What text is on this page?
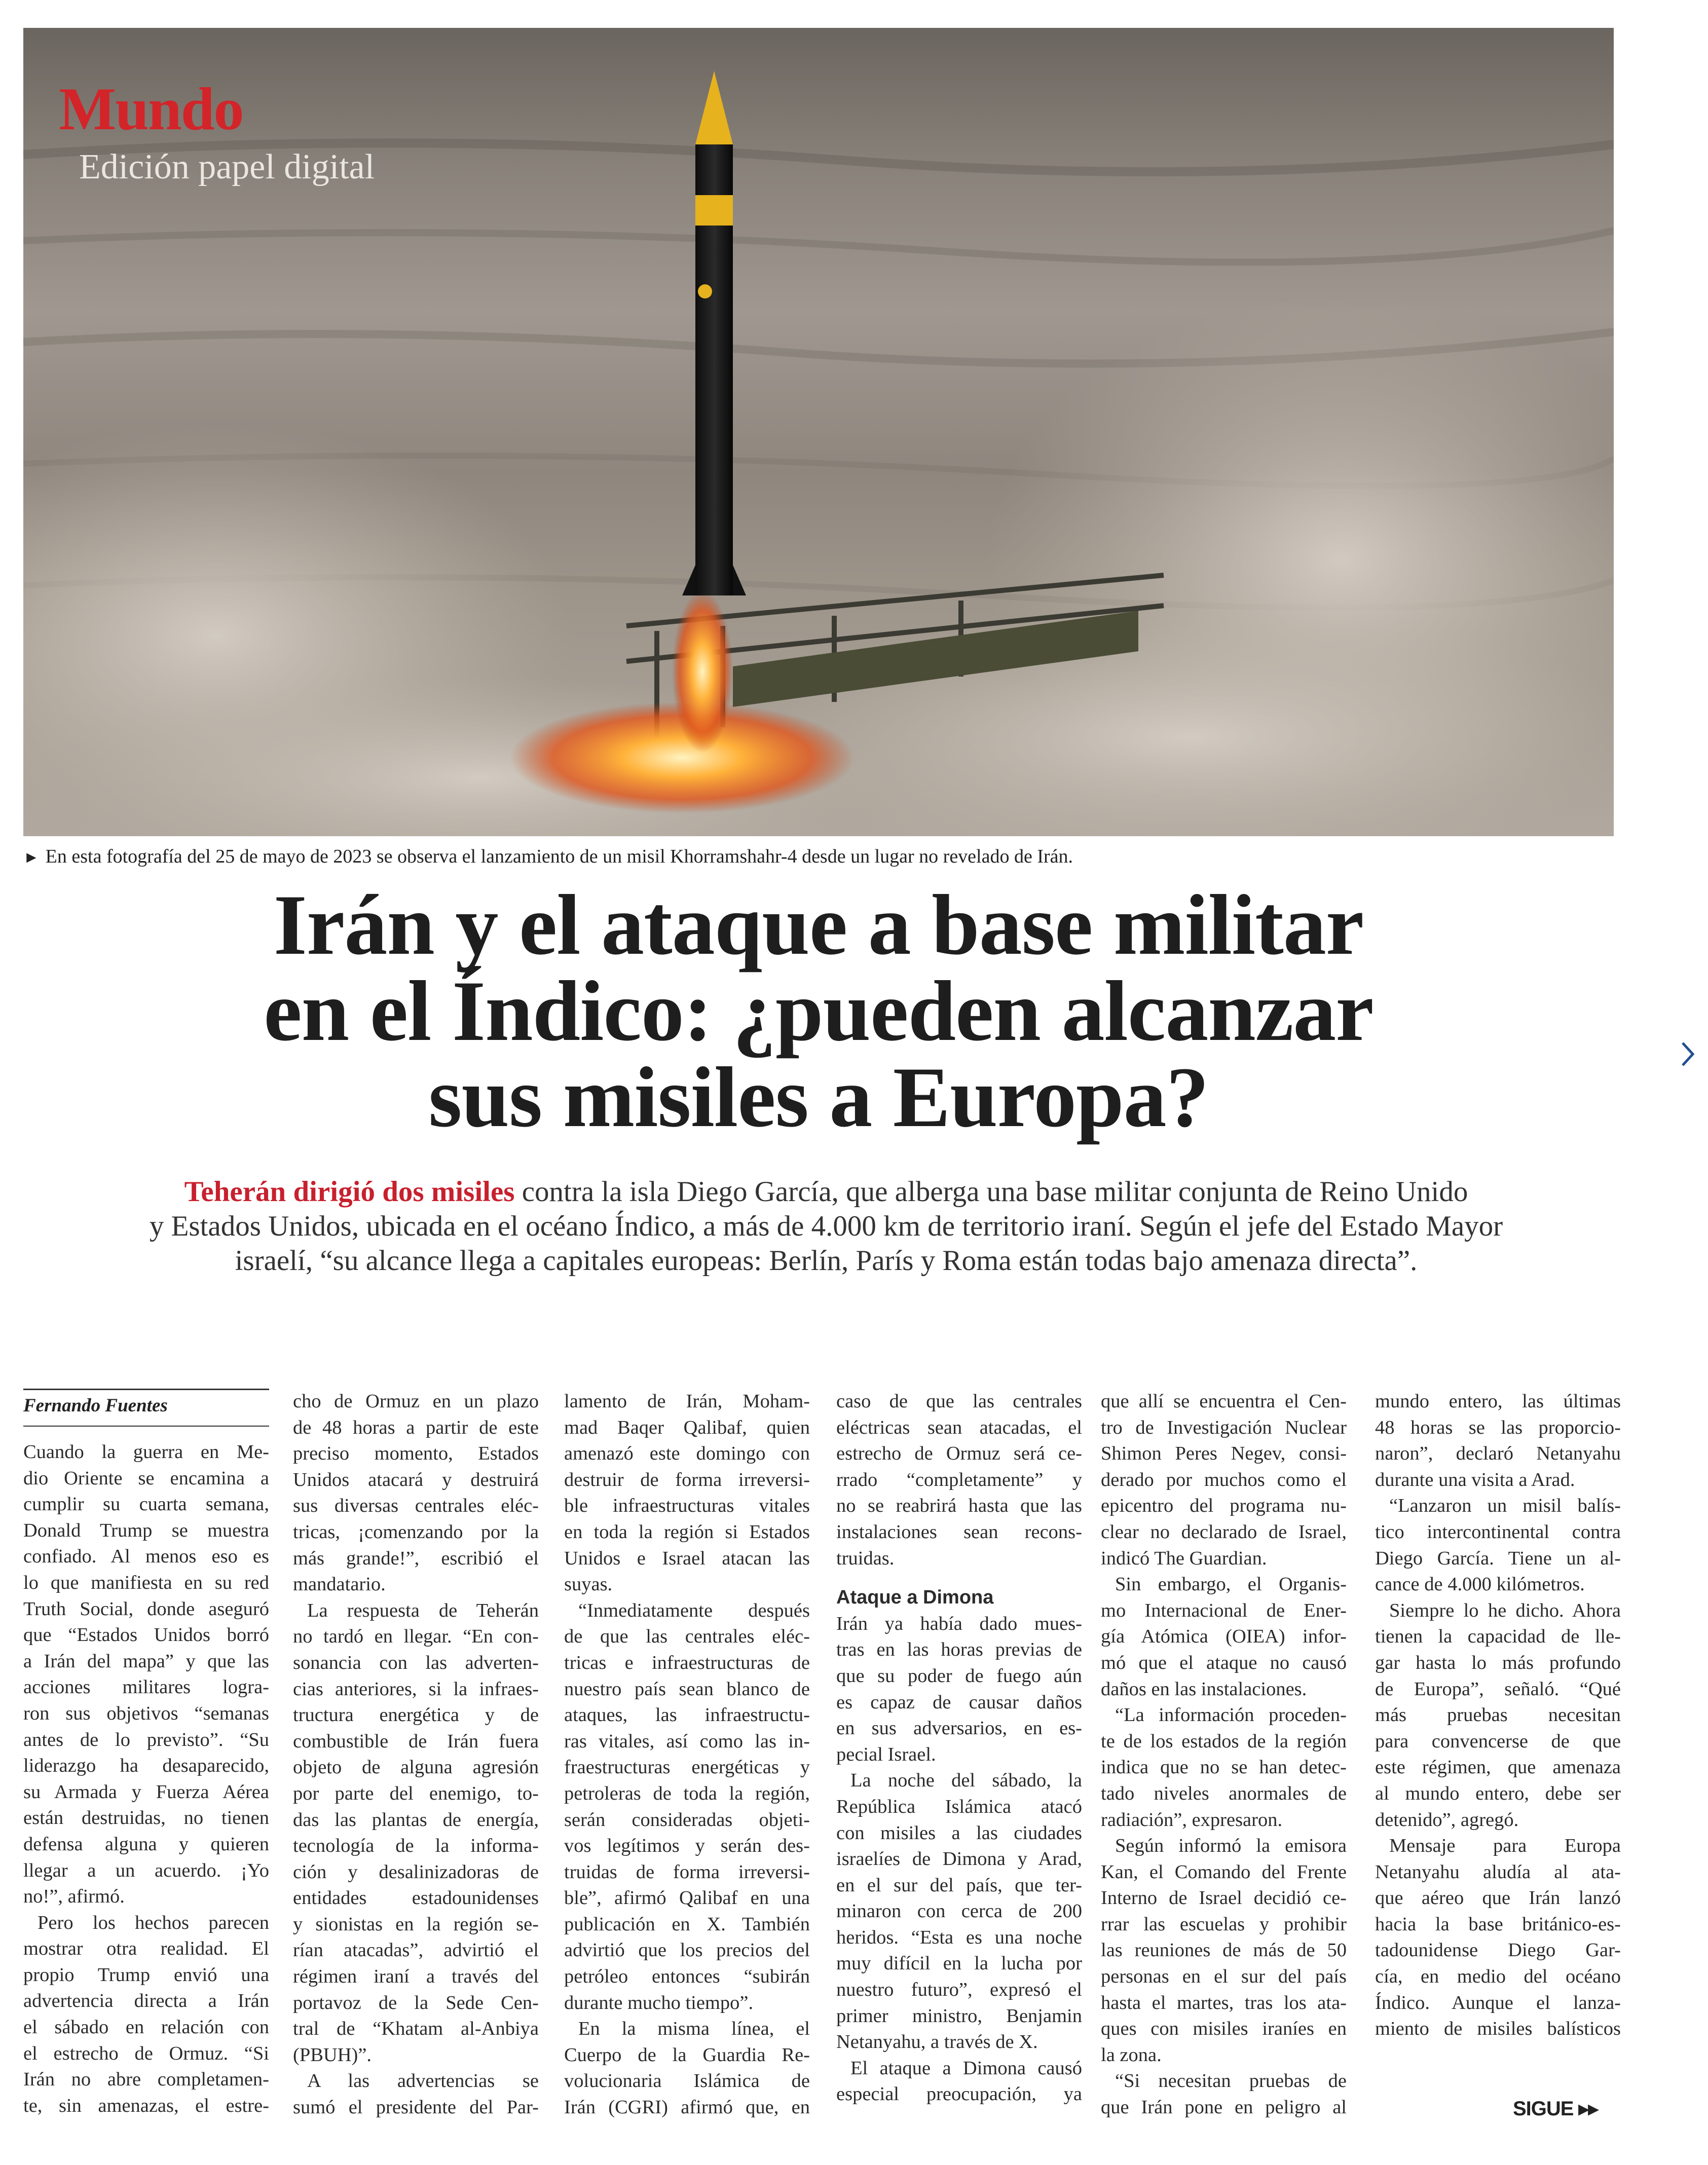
Mundo
Edición papel digital
► En esta fotografía del 25 de mayo de 2023 se observa el lanzamiento de un misil Khorramshahr-4 desde un lugar no revelado de Irán.
Irán y el ataque a base militar
en el Índico: ¿pueden alcanzar
sus misiles a Europa?
Teherán dirigió dos misiles contra la isla Diego García, que alberga una base militar conjunta de Reino Unido
y Estados Unidos, ubicada en el océano Índico, a más de 4.000 km de territorio iraní. Según el jefe del Estado Mayor
israelí, “su alcance llega a capitales europeas: Berlín, París y Roma están todas bajo amenaza directa”.
Fernando Fuentes

Cuando la guerra en Me-

dio Oriente se encamina a

cumplir su cuarta semana,

Donald Trump se muestra

confiado. Al menos eso es

lo que manifiesta en su red

Truth Social, donde aseguró

que “Estados Unidos borró

a Irán del mapa” y que las

acciones militares logra-

ron sus objetivos “semanas

antes de lo previsto”. “Su

liderazgo ha desaparecido,

su Armada y Fuerza Aérea

están destruidas, no tienen

defensa alguna y quieren

llegar a un acuerdo. ¡Yo

no!”, afirmó.

Pero los hechos parecen

mostrar otra realidad. El

propio Trump envió una

advertencia directa a Irán

el sábado en relación con

el estrecho de Ormuz. “Si

Irán no abre completamen-

te, sin amenazas, el estre-

cho de Ormuz en un plazo

de 48 horas a partir de este

preciso momento, Estados

Unidos atacará y destruirá

sus diversas centrales eléc-

tricas, ¡comenzando por la

más grande!”, escribió el

mandatario.

La respuesta de Teherán

no tardó en llegar. “En con-

sonancia con las adverten-

cias anteriores, si la infraes-

tructura energética y de

combustible de Irán fuera

objeto de alguna agresión

por parte del enemigo, to-

das las plantas de energía,

tecnología de la informa-

ción y desalinizadoras de

entidades estadounidenses

y sionistas en la región se-

rían atacadas”, advirtió el

régimen iraní a través del

portavoz de la Sede Cen-

tral de “Khatam al-Anbiya

(PBUH)”.

A las advertencias se

sumó el presidente del Par-

lamento de Irán, Moham-

mad Baqer Qalibaf, quien

amenazó este domingo con

destruir de forma irreversi-

ble infraestructuras vitales

en toda la región si Estados

Unidos e Israel atacan las

suyas.

“Inmediatamente después

de que las centrales eléc-

tricas e infraestructuras de

nuestro país sean blanco de

ataques, las infraestructu-

ras vitales, así como las in-

fraestructuras energéticas y

petroleras de toda la región,

serán consideradas objeti-

vos legítimos y serán des-

truidas de forma irreversi-

ble”, afirmó Qalibaf en una

publicación en X. También

advirtió que los precios del

petróleo entonces “subirán

durante mucho tiempo”.

En la misma línea, el

Cuerpo de la Guardia Re-

volucionaria Islámica de

Irán (CGRI) afirmó que, en

caso de que las centrales

eléctricas sean atacadas, el

estrecho de Ormuz será ce-

rrado “completamente” y

no se reabrirá hasta que las

instalaciones sean recons-

truidas.

Ataque a Dimona

Irán ya había dado mues-

tras en las horas previas de

que su poder de fuego aún

es capaz de causar daños

en sus adversarios, en es-

pecial Israel.

La noche del sábado, la

República Islámica atacó

con misiles a las ciudades

israelíes de Dimona y Arad,

en el sur del país, que ter-

minaron con cerca de 200

heridos. “Esta es una noche

muy difícil en la lucha por

nuestro futuro”, expresó el

primer ministro, Benjamin

Netanyahu, a través de X.

El ataque a Dimona causó

especial preocupación, ya

que allí se encuentra el Cen-

tro de Investigación Nuclear

Shimon Peres Negev, consi-

derado por muchos como el

epicentro del programa nu-

clear no declarado de Israel,

indicó The Guardian.

Sin embargo, el Organis-

mo Internacional de Ener-

gía Atómica (OIEA) infor-

mó que el ataque no causó

daños en las instalaciones.

“La información proceden-

te de los estados de la región

indica que no se han detec-

tado niveles anormales de

radiación”, expresaron.

Según informó la emisora

Kan, el Comando del Frente

Interno de Israel decidió ce-

rrar las escuelas y prohibir

las reuniones de más de 50

personas en el sur del país

hasta el martes, tras los ata-

ques con misiles iraníes en

la zona.

“Si necesitan pruebas de

que Irán pone en peligro al

mundo entero, las últimas

48 horas se las proporcio-

naron”, declaró Netanyahu

durante una visita a Arad.

“Lanzaron un misil balís-

tico intercontinental contra

Diego García. Tiene un al-

cance de 4.000 kilómetros.

Siempre lo he dicho. Ahora

tienen la capacidad de lle-

gar hasta lo más profundo

de Europa”, señaló. “Qué

más pruebas necesitan

para convencerse de que

este régimen, que amenaza

al mundo entero, debe ser

detenido”, agregó.

Mensaje para Europa

Netanyahu aludía al ata-

que aéreo que Irán lanzó

hacia la base británico-es-

tadounidense Diego Gar-

cía, en medio del océano

Índico. Aunque el lanza-

miento de misiles balísticos

SIGUE ▸▸
